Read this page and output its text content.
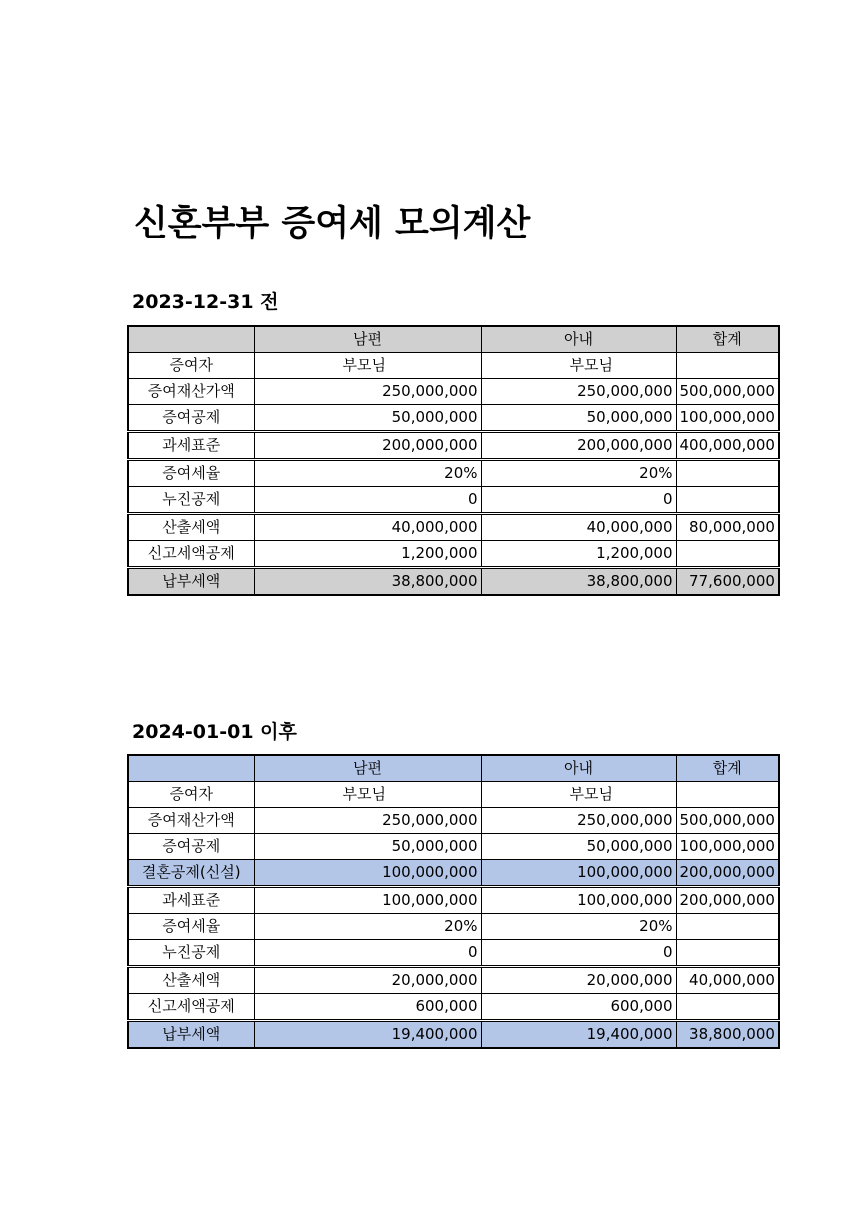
신혼부부 증여세 모의계산
2023-12-31 전
	남편	아내	합계
증여자	부모님	부모님	
증여재산가액	250,000,000	250,000,000	500,000,000
증여공제	50,000,000	50,000,000	100,000,000
과세표준	200,000,000	200,000,000	400,000,000
증여세율	20%	20%	
누진공제	0	0	
산출세액	40,000,000	40,000,000	80,000,000
신고세액공제	1,200,000	1,200,000	
납부세액	38,800,000	38,800,000	77,600,000
2024-01-01 이후
	남편	아내	합계
증여자	부모님	부모님	
증여재산가액	250,000,000	250,000,000	500,000,000
증여공제	50,000,000	50,000,000	100,000,000
결혼공제(신설)	100,000,000	100,000,000	200,000,000
과세표준	100,000,000	100,000,000	200,000,000
증여세율	20%	20%	
누진공제	0	0	
산출세액	20,000,000	20,000,000	40,000,000
신고세액공제	600,000	600,000	
납부세액	19,400,000	19,400,000	38,800,000
